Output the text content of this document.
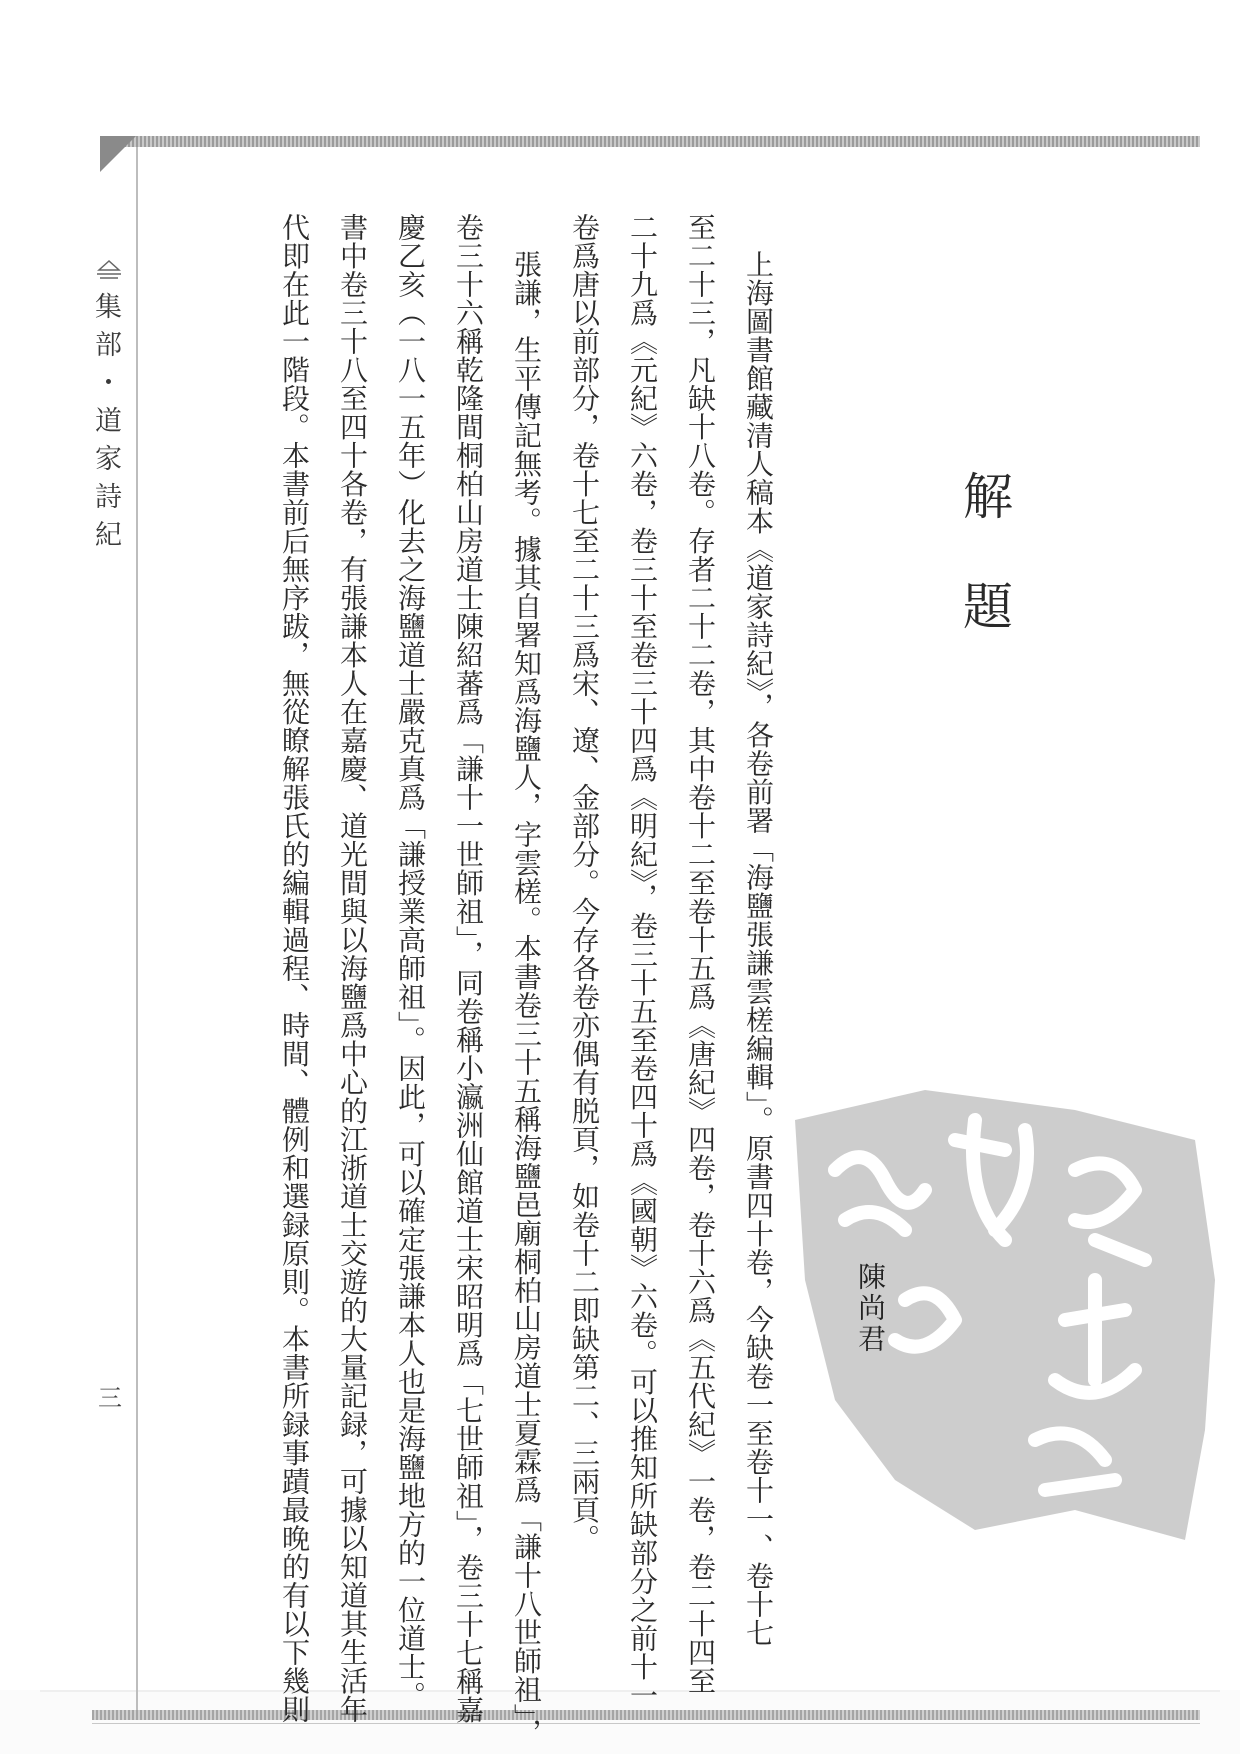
集部・道家詩紀
三
解題
上海圖書館藏清人稿本《道家詩紀》，各卷前署「海鹽張謙雲槎編輯」。原書四十卷，今缺卷一至卷十一、卷十七
至二十三，凡缺十八卷。存者二十二卷，其中卷十二至卷十五爲《唐紀》四卷，卷十六爲《五代紀》一卷，卷二十四至
二十九爲《元紀》六卷，卷三十至卷三十四爲《明紀》，卷三十五至卷四十爲《國朝》六卷。可以推知所缺部分之前十一
卷爲唐以前部分，卷十七至二十三爲宋、遼、金部分。今存各卷亦偶有脱頁，如卷十二即缺第二、三兩頁。
張謙，生平傳記無考。據其自署知爲海鹽人，字雲槎。本書卷三十五稱海鹽邑廟桐柏山房道士夏霖爲「謙十八世師祖」，
卷三十六稱乾隆間桐柏山房道士陳紹蕃爲「謙十一世師祖」，同卷稱小瀛洲仙館道士宋昭明爲「七世師祖」，卷三十七稱嘉
慶乙亥（一八一五年）化去之海鹽道士嚴克真爲「謙授業高師祖」。因此，可以確定張謙本人也是海鹽地方的一位道士。
書中卷三十八至四十各卷，有張謙本人在嘉慶、道光間與以海鹽爲中心的江浙道士交遊的大量記録，可據以知道其生活年
代即在此一階段。本書前后無序跋，無從瞭解張氏的編輯過程、時間、體例和選録原則。本書所録事蹟最晚的有以下幾則	陳尚君
